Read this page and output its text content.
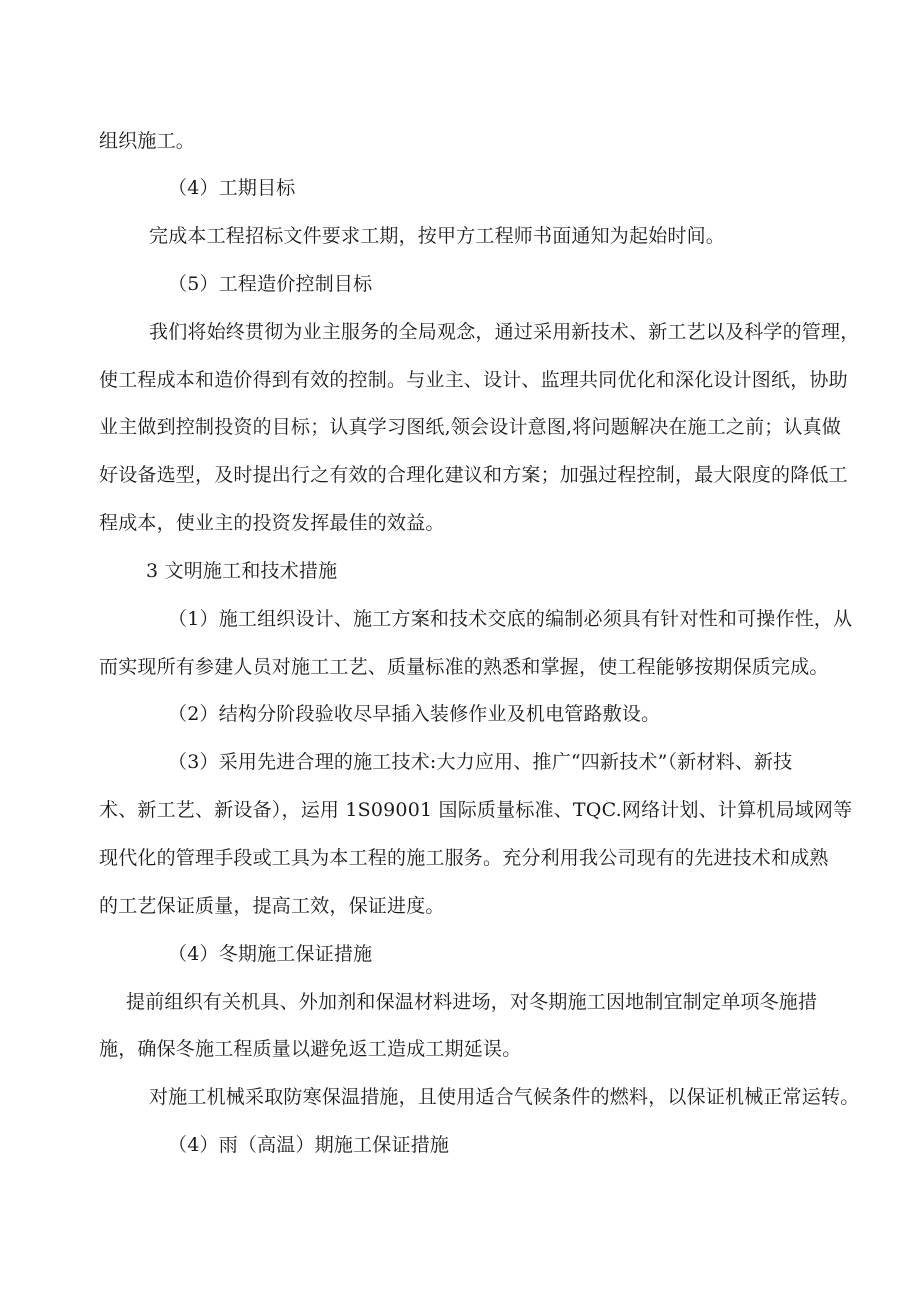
组织施工。
（4）工期目标
完成本工程招标文件要求工期，按甲方工程师书面通知为起始时间。
（5）工程造价控制目标
我们将始终贯彻为业主服务的全局观念，通过采用新技术、新工艺以及科学的管理，
使工程成本和造价得到有效的控制。与业主、设计、监理共同优化和深化设计图纸，协助
业主做到控制投资的目标；认真学习图纸,领会设计意图,将问题解决在施工之前；认真做
好设备选型，及时提出行之有效的合理化建议和方案；加强过程控制，最大限度的降低工
程成本，使业主的投资发挥最佳的效益。
3 文明施工和技术措施
（1）施工组织设计、施工方案和技术交底的编制必须具有针对性和可操作性，从
而实现所有参建人员对施工工艺、质量标准的熟悉和掌握，使工程能够按期保质完成。
（2）结构分阶段验收尽早插入装修作业及机电管路敷设。
（3）采用先进合理的施工技术:大力应用、推广“四新技术”（新材料、新技
术、新工艺、新设备），运用 1S09001 国际质量标准、TQC.网络计划、计算机局域网等
现代化的管理手段或工具为本工程的施工服务。充分利用我公司现有的先进技术和成熟
的工艺保证质量，提高工效，保证进度。
（4）冬期施工保证措施
提前组织有关机具、外加剂和保温材料进场，对冬期施工因地制宜制定单项冬施措
施，确保冬施工程质量以避免返工造成工期延误。
对施工机械采取防寒保温措施，且使用适合气候条件的燃料，以保证机械正常运转。
（4）雨（高温）期施工保证措施
